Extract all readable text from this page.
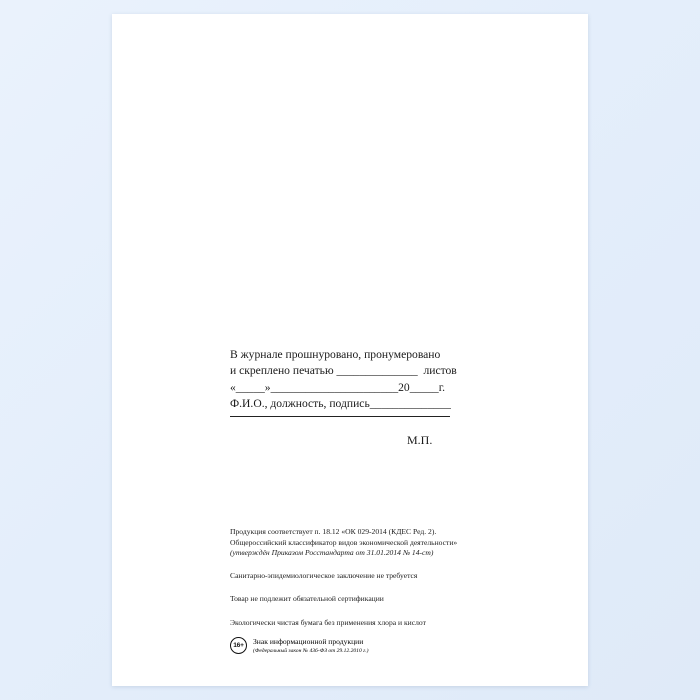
В журнале прошнуровано, пронумеровано
и скреплено печатью ______________  листов
«_____»______________________20_____г.
Ф.И.О., должность, подпись______________
М.П.
Продукция соответствует п. 18.12 «ОК 029-2014 (КДЕС Ред. 2).
Общероссийский классификатор видов экономической деятельности»
(утверждён Приказом Росстандарта от 31.01.2014 № 14-ст)
Санитарно-эпидемиологическое заключение не требуется
Товар не подлежит обязательной сертификации
Экологически чистая бумага без применения хлора и кислот
16+	Знак информационной продукции
(Федеральный закон № 436-ФЗ от 29.12.2010 г.)
